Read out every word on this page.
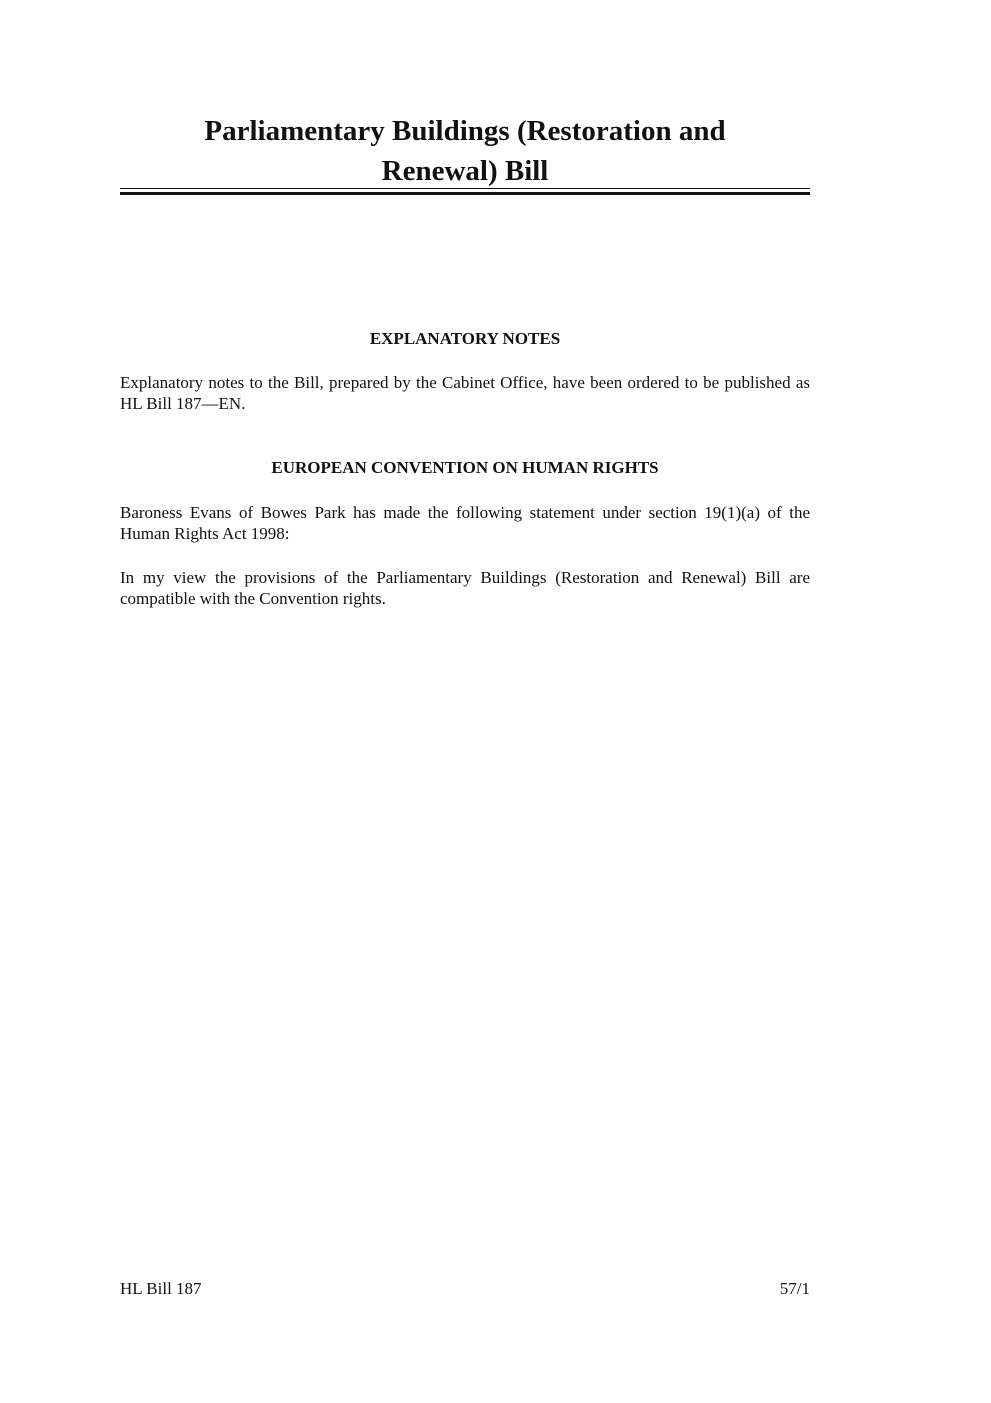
Parliamentary Buildings (Restoration and
Renewal) Bill
EXPLANATORY NOTES

Explanatory notes to the Bill, prepared by the Cabinet Office, have been ordered to be published as HL Bill 187—EN.

EUROPEAN CONVENTION ON HUMAN RIGHTS

Baroness Evans of Bowes Park has made the following statement under section 19(1)(a) of the Human Rights Act 1998:

In my view the provisions of the Parliamentary Buildings (Restoration and Renewal) Bill are compatible with the Convention rights.

HL Bill 187	57/1
